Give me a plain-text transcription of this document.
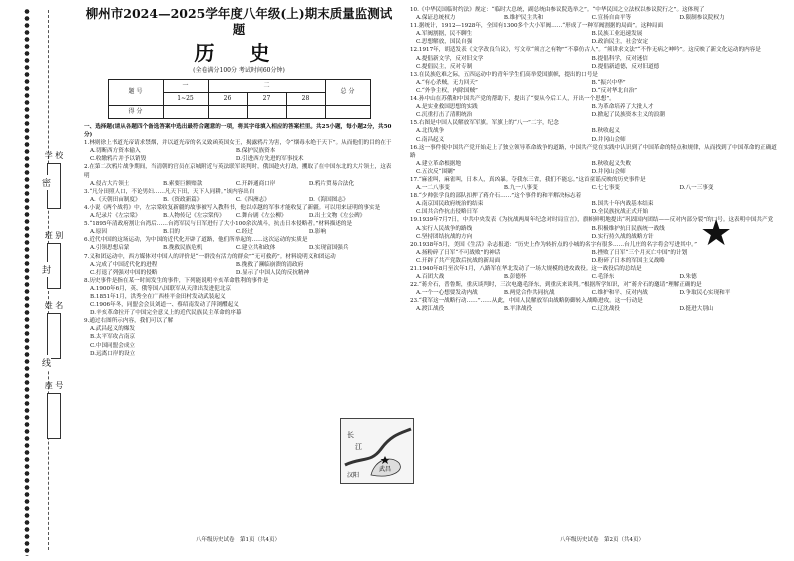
学 校
班 别
姓 名
座 号
密
封
线
柳州市2024—2025学年度八年级(上)期末质量监测试题
历 史
(全卷满分100分 考试时间60分钟)
题 号	一	二			总 分
	1~25	26	27	28	
得 分					

一、选择题(请从各题四个备选答案中选出最符合题意的一项，将其字母填入相应的答案栏里。共25小题，每小题2分，共50分)

1.林则徐上书道光帝请求禁烟，并以道光帝的名义致函英国女王，揭露鸦片为害，令“烟毒永绝于天下”。从而他们的目的在于

A.切断西方资本输入	B.保护民族资本
C.收缴鸦片并予以销毁	D.引进西方先进的军事技术

2.在第二次鸦片战争期间，当清朝的官员在京城附近与英法联军谈判时，俄国趁火打劫，攫取了在中国东北的大片领土，这表明

A.侵占大片领土	B.索要巨额赔款	C.开辟通商口岸	D.鸦片贸易合法化

3.“凡分田照人口，不论男妇……凡天下田，天下人同耕。”该内容出自

A.《天朝田亩制度》	B.《资政新篇》	C.《四洲志》	D.《海国图志》

4.小说《两个战将》中，左宗棠收复新疆的故事被写入教科书，他以卓越的军事才能收复了新疆。可以用来证明的事实是

A.纪录片《左宗棠》	B.人物传记《左宗棠传》	C.舞台剧《左公柳》	D.出土文物《左公碑》

5.“1895年清政府割让台湾后……台湾军民与日军进行了大小100余次战斗，抗击日本侵略者。”材料描述的是

A.原因	B.目的	C.经过	D.影响

6.近代中国的这场运动，为中国的近代化开辟了道路，他们所举起的……这次运动的实质是

A.引领思想启蒙	B.挽救民族危机	C.建立共和政体	D.实现富国强兵

7.义和团运动中，西方媒体对中国人的评价是“一群没有活力的群众”“无可救药”。材料说明义和团运动

A.完成了中国近代化的进程	B.挽救了濒临崩溃的清政府
C.打退了列强对中国的侵略	D.显示了中国人民的反抗精神

8.历史事件是指在某一时间发生的事件，下列能说明辛亥革命胜利的事件是

A.1900年6月，英、俄等国八国联军从天津出发进犯北京
B.1851年1月，洪秀全在广西桂平金田村发动武装起义
C.1906年冬，同盟会会员刘道一、蔡绍南发动了萍浏醴起义
D.辛亥革命拉开了中国完全意义上的近代民族民主革命的序幕

9.通过右图所示内容，我们可以了解

A.武昌起义的爆发
B.太平军攻占南京
C.中国同盟会成立
D.远离口岸的设立
长
江
汉阳
武昌

10.《中华民国临时约法》规定：“临时大总统，副总统由参议院选举之”。“中华民国之立法权以参议院行之”。这体现了

A.保证总统权力	B.维护民主共和	C.宣扬自由平等	D.限制参议院权力

11.据统计，1912—1928年，全国有1300多个大小军阀……“形成了一种军阀割据的局面”。这种局面

A.军阀割据，民不聊生	B.民族工业迅速发展
C.思想解放，国民自强	D.政治民主，社会安定

12.1917年，胡适发表《文学改良刍议》，写文章“须言之有物”“不摹仿古人”。“须讲求文法”“不作无病之呻吟”。这反映了新文化运动的内容是

A.提倡新文学，反对旧文学	B.提倡科学，反对迷信
C.提倡民主，反对专制	D.提倡新道德，反对旧道德

13.在民族危难之际，五四运动中的青年学生们高举爱国旗帜，提出的口号是

A.“有心杀贼，无力回天”	B.“振兴中华”
C.“外争主权，内除国贼”	D.“反对华北自治”

14.孙中山在苏俄和中国共产党的帮助下，提出了“要从今后工人，开出一个思想”。

A.是实业救国思想的实践	B.为革命培养了大批人才
C.沉重打击了清朝统治	D.掀起了民族资本主义的浪潮

15.右图是中国人民解放军军旗。军旗上的“八一”二字，纪念

A.北伐战争	B.秋收起义
C.南昌起义	D.井冈山会师

16.这一事件使中国共产党开始走上了独立领导革命战争的道路，中国共产党在实践中认识到了中国革命的特点和规律，从而找到了中国革命的正确道路

A.建立革命根据地	B.秋收起义失败
C.五次反“围剿”	D.井冈山会师

17.“麻雀叫，麻雀叫，日本人，真凶暴。夺我东三省，我们不能忘。”这首童谣反映的历史事件是

A.一二八事变	B.九一八事变	C.七七事变	D.八一三事变

18.“少帅张学良的部队扣押了蒋介石……”这个事件的和平解决标志着

A.南京国民政府统治的结束	B.国共十年内战基本结束
C.国共合作抗击侵略日军	D.全民族抗战正式开始

19.1939年7月7日，中共中央发表《为抗战两周年纪念对时局宣言》，旗帜鲜明地提出“巩固国内团结——反对内部分裂”的口号。这表明中国共产党

A.实行人民战争的路线	B.积极维护抗日民族统一战线
C.坚持团结抗战的方向	D.实行持久战的战略方针

20.1938年5月，美国《生活》杂志报道：“历史上作为转折点的小城的名字有很多……台儿庄的名字将会写进其中。”

A.扬粉碎了日军“不可战败”的神话	B.挫败了日军“三个月灭亡中国”的计划
C.开辟了共产党敌后抗战的新局面	D.粉碎了日本的军国主义战略

21.1940年8月至次年1月，八路军在华北发动了一场大规模的进攻战役。这一战役后的总结是

A.百团大战	B.彭德怀	C.毛泽东	D.朱德

22.“蒋介石，普鲁斯，重庆谈判时，三次电邀毛泽东，到重庆来谈判。”根据所学知识，对“蒋介石的邀请”理解正确的是

A.一个一心想要发动内战	B.两党合作共同抗战	C.维护和平、反对内战	D.争取民心实现和平

23.“我军这一战略行动……”……从此，中国人民解放军由战略防御转入战略进攻。这一行动是

A.渡江战役	B.平津战役	C.辽沈战役	D.挺进大别山
★
八年级历史试卷　第1页（共4页）	八年级历史试卷　第2页（共4页）
